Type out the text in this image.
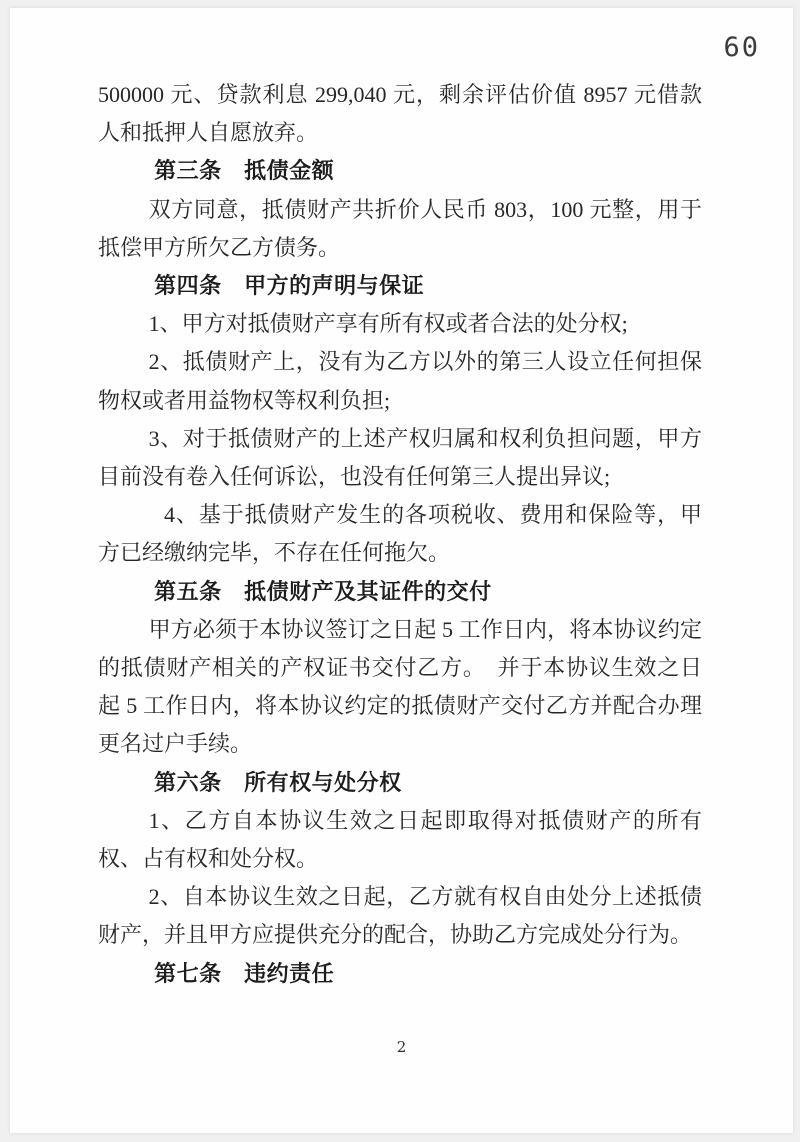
60

500000 元、贷款利息 299,040 元，剩余评估价值 8957 元借款人和抵押人自愿放弃。

第三条　抵债金额

双方同意，抵债财产共折价人民币 803，100 元整，用于抵偿甲方所欠乙方债务。

第四条　甲方的声明与保证

1、甲方对抵债财产享有所有权或者合法的处分权;

2、抵债财产上，没有为乙方以外的第三人设立任何担保物权或者用益物权等权利负担;

3、对于抵债财产的上述产权归属和权利负担问题，甲方目前没有卷入任何诉讼，也没有任何第三人提出异议;

4、基于抵债财产发生的各项税收、费用和保险等，甲方已经缴纳完毕，不存在任何拖欠。

第五条　抵债财产及其证件的交付

甲方必须于本协议签订之日起 5 工作日内，将本协议约定的抵债财产相关的产权证书交付乙方。　并于本协议生效之日起 5 工作日内，将本协议约定的抵债财产交付乙方并配合办理更名过户手续。

第六条　所有权与处分权

1、乙方自本协议生效之日起即取得对抵债财产的所有权、占有权和处分权。

2、自本协议生效之日起，乙方就有权自由处分上述抵债财产，并且甲方应提供充分的配合，协助乙方完成处分行为。

第七条　违约责任

2
